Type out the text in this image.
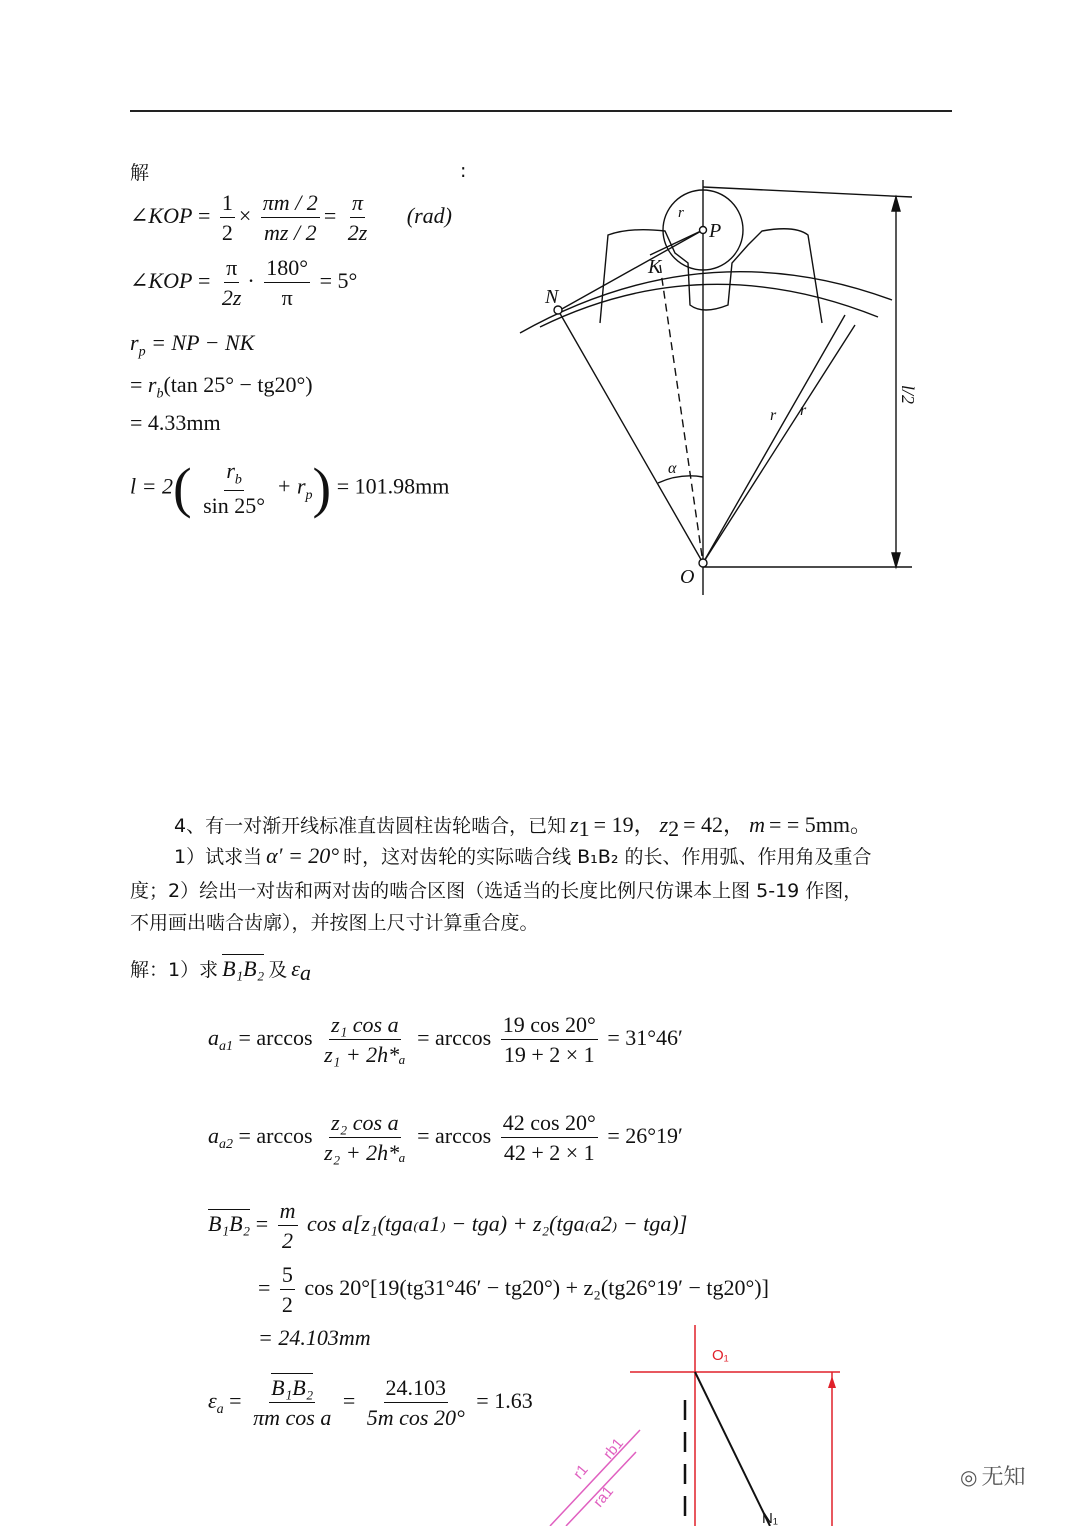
解	:
∠KOP = $\frac{1}{2} \times \frac{\pi m / 2}{mz / 2} = \frac{\pi}{2z} (rad)$
∠KOP = $\frac{\pi}{2z} \cdot \frac{180^\circ}{\pi} = 5^\circ$
$r_p$ = NP − NK
= $r_b(\tan$ 25° − tg20°)
= 4.33mm
$l = 2( \frac{r_b}{\sin 25^\circ} + r_p) = 101.98mm$
P
r
K
N
O
α
r r
l/2
4、有一对渐开线标准直齿圆柱齿轮啮合，已知 $z_1 = 19$， $z_2 = 42$， m = = 5mm。
1）试求当 α′ = 20° 时，这对齿轮的实际啮合线 B₁B₂ 的长、作用弧、作用角及重合
度；2）绘出一对齿和两对齿的啮合区图（选适当的长度比例尺仿课本上图 5-19 作图，
不用画出啮合齿廓），并按图上尺寸计算重合度。
解：1）求 B₁B₂ 及 $\varepsilon_a$
$a_{a1} = \arccos \frac{\text{z₁ cos a}}{\text{z₁ + 2h*ₐ}} = \arccos \frac{19 \cos 20^\circ}{19 + 2 \times 1} = 31^\circ 46'$
$a_{a2} = \arccos \frac{\text{z₂ cos a}}{\text{z₂ + 2h*ₐ}} = \arccos \frac{42 \cos 20^\circ}{42 + 2 \times 1} = 26^\circ 19'$
$B_1B_2 = \frac{m}{2}$ cos a[z₁(tga₍a1₎ − tga) + z₂(tga₍a2₎ − tga)]
= $\frac{5}{2}$ cos 20°[19(tg31°46′ − tg20°) + z₂(tg26°19′ − tg20°)]
= 24.103mm
$\varepsilon_a = \frac{\text{B₁B₂}}{\text{πm cos a}} = \frac{24.103}{\text{5m cos 20°}} = 1.63$
O₁
r1
rb1
ra1
N₁
◎ 无知
